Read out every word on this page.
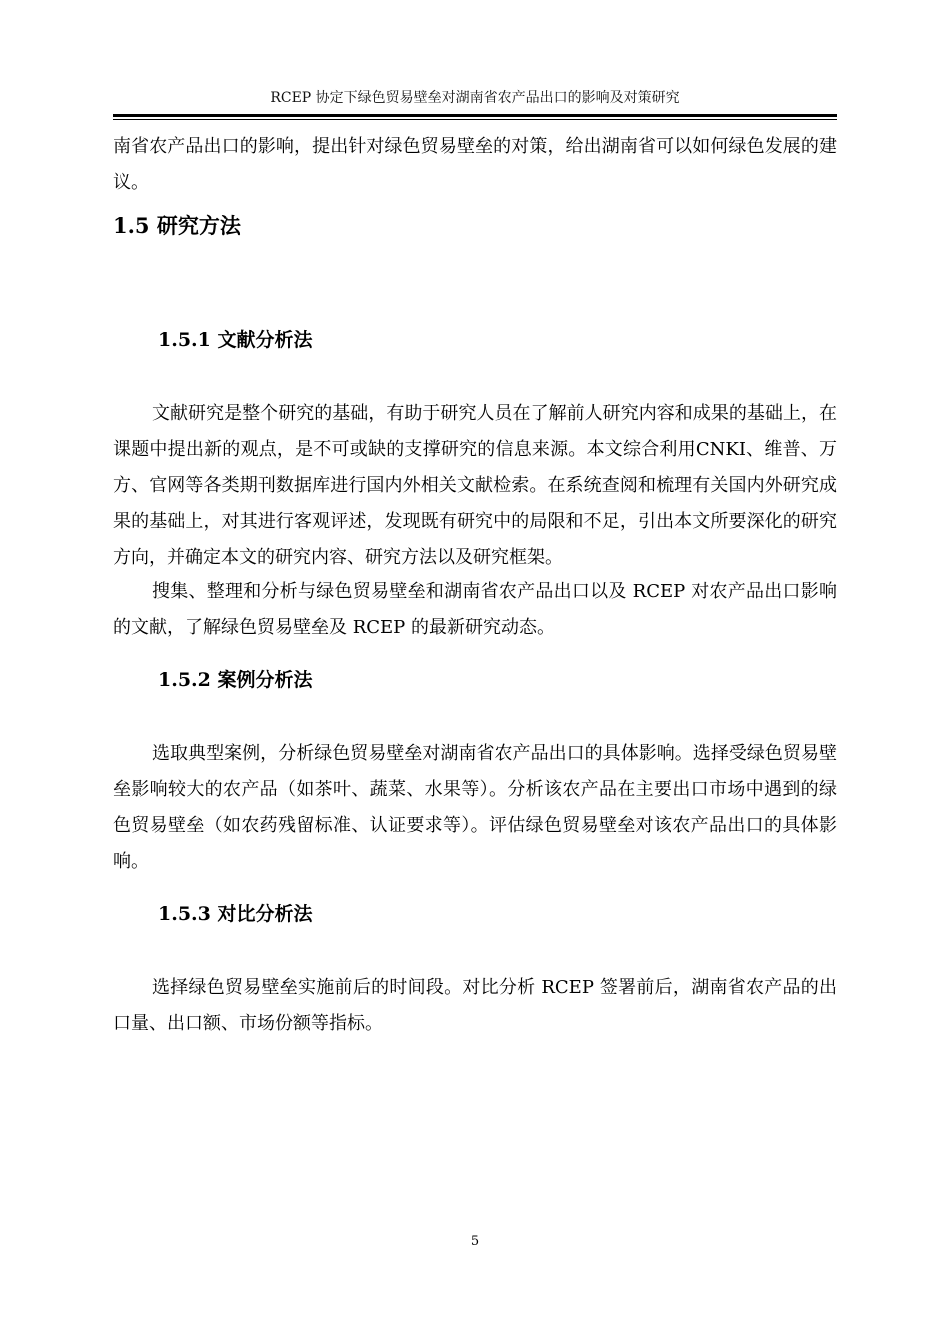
RCEP 协定下绿色贸易壁垒对湖南省农产品出口的影响及对策研究

南省农产品出口的影响，提出针对绿色贸易壁垒的对策，给出湖南省可以如何绿色发展的建议。

1.5 研究方法
1.5.1 文献分析法

文献研究是整个研究的基础，有助于研究人员在了解前人研究内容和成果的基础上，在课题中提出新的观点，是不可或缺的支撑研究的信息来源。本文综合利用CNKI、维普、万方、官网等各类期刊数据库进行国内外相关文献检索。在系统查阅和梳理有关国内外研究成果的基础上，对其进行客观评述，发现既有研究中的局限和不足，引出本文所要深化的研究方向，并确定本文的研究内容、研究方法以及研究框架。

搜集、整理和分析与绿色贸易壁垒和湖南省农产品出口以及 RCEP 对农产品出口影响的文献，了解绿色贸易壁垒及 RCEP 的最新研究动态。

1.5.2 案例分析法

选取典型案例，分析绿色贸易壁垒对湖南省农产品出口的具体影响。选择受绿色贸易壁垒影响较大的农产品（如茶叶、蔬菜、水果等）。分析该农产品在主要出口市场中遇到的绿色贸易壁垒（如农药残留标准、认证要求等）。评估绿色贸易壁垒对该农产品出口的具体影响。

1.5.3 对比分析法

选择绿色贸易壁垒实施前后的时间段。对比分析 RCEP 签署前后，湖南省农产品的出口量、出口额、市场份额等指标。

5
